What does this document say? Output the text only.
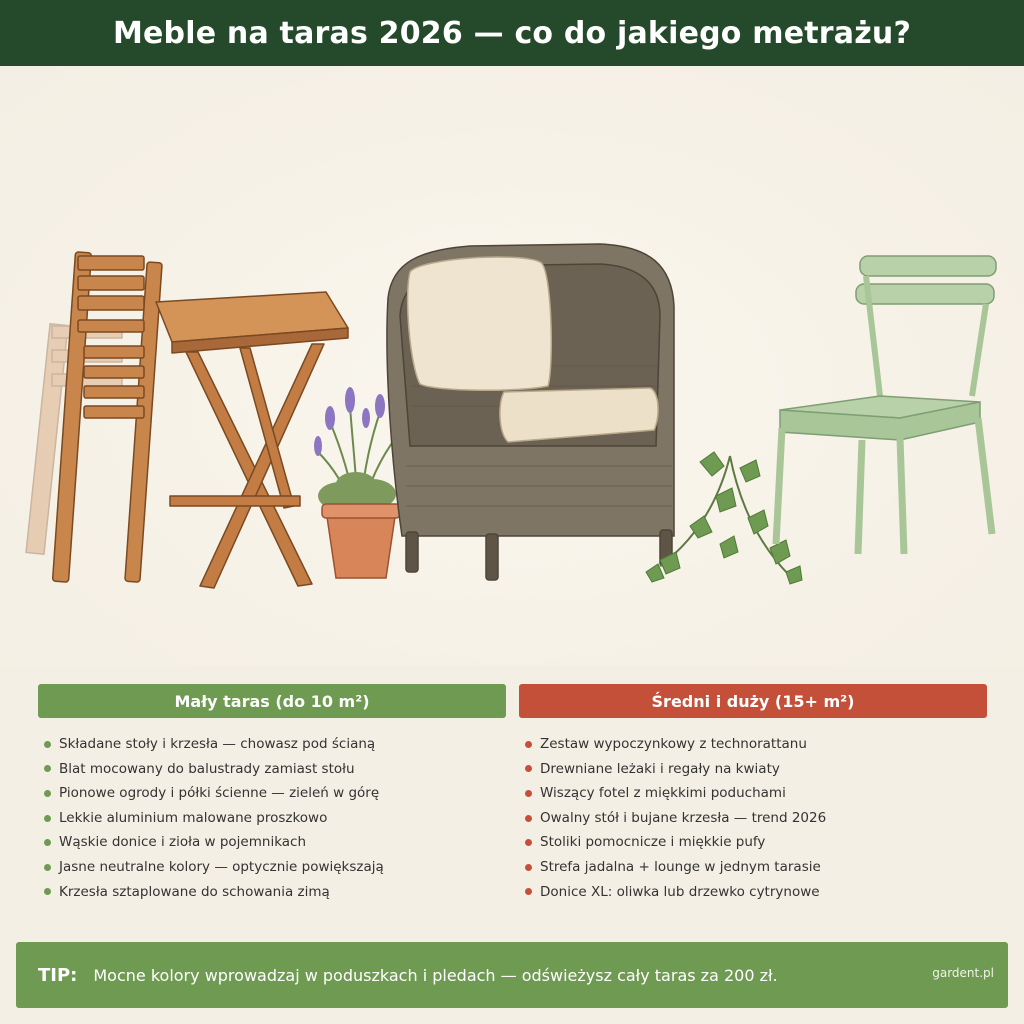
Meble na taras 2026 — co do jakiego metrażu?
Mały taras (do 10 m²)
Składane stoły i krzesła — chowasz pod ścianą
Blat mocowany do balustrady zamiast stołu
Pionowe ogrody i półki ścienne — zieleń w górę
Lekkie aluminium malowane proszkowo
Wąskie donice i zioła w pojemnikach
Jasne neutralne kolory — optycznie powiększają
Krzesła sztaplowane do schowania zimą
Średni i duży (15+ m²)
Zestaw wypoczynkowy z technorattanu
Drewniane leżaki i regały na kwiaty
Wiszący fotel z miękkimi poduchami
Owalny stół i bujane krzesła — trend 2026
Stoliki pomocnicze i miękkie pufy
Strefa jadalna + lounge w jednym tarasie
Donice XL: oliwka lub drzewko cytrynowe
TIP: Mocne kolory wprowadzaj w poduszkach i pledach — odświeżysz cały taras za 200 zł.	gardent.pl
